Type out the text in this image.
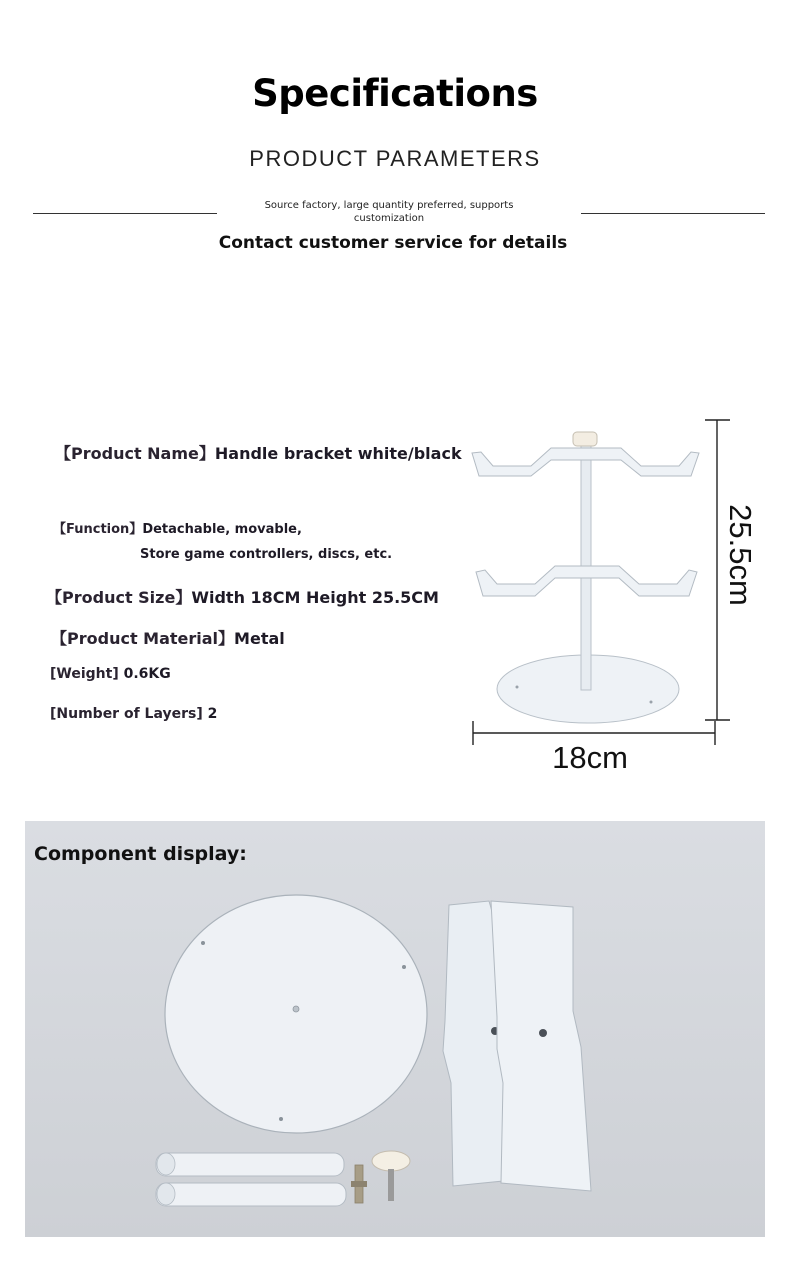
Specifications
PRODUCT PARAMETERS
Source factory, large quantity preferred, supports customization
Contact customer service for details
【Product Name】Handle bracket white/black
【Function】Detachable, movable,
Store game controllers, discs, etc.
【Product Size】Width 18CM Height 25.5CM
【Product Material】Metal
[Weight] 0.6KG
[Number of Layers] 2
25.5cm
18cm
Component display:
